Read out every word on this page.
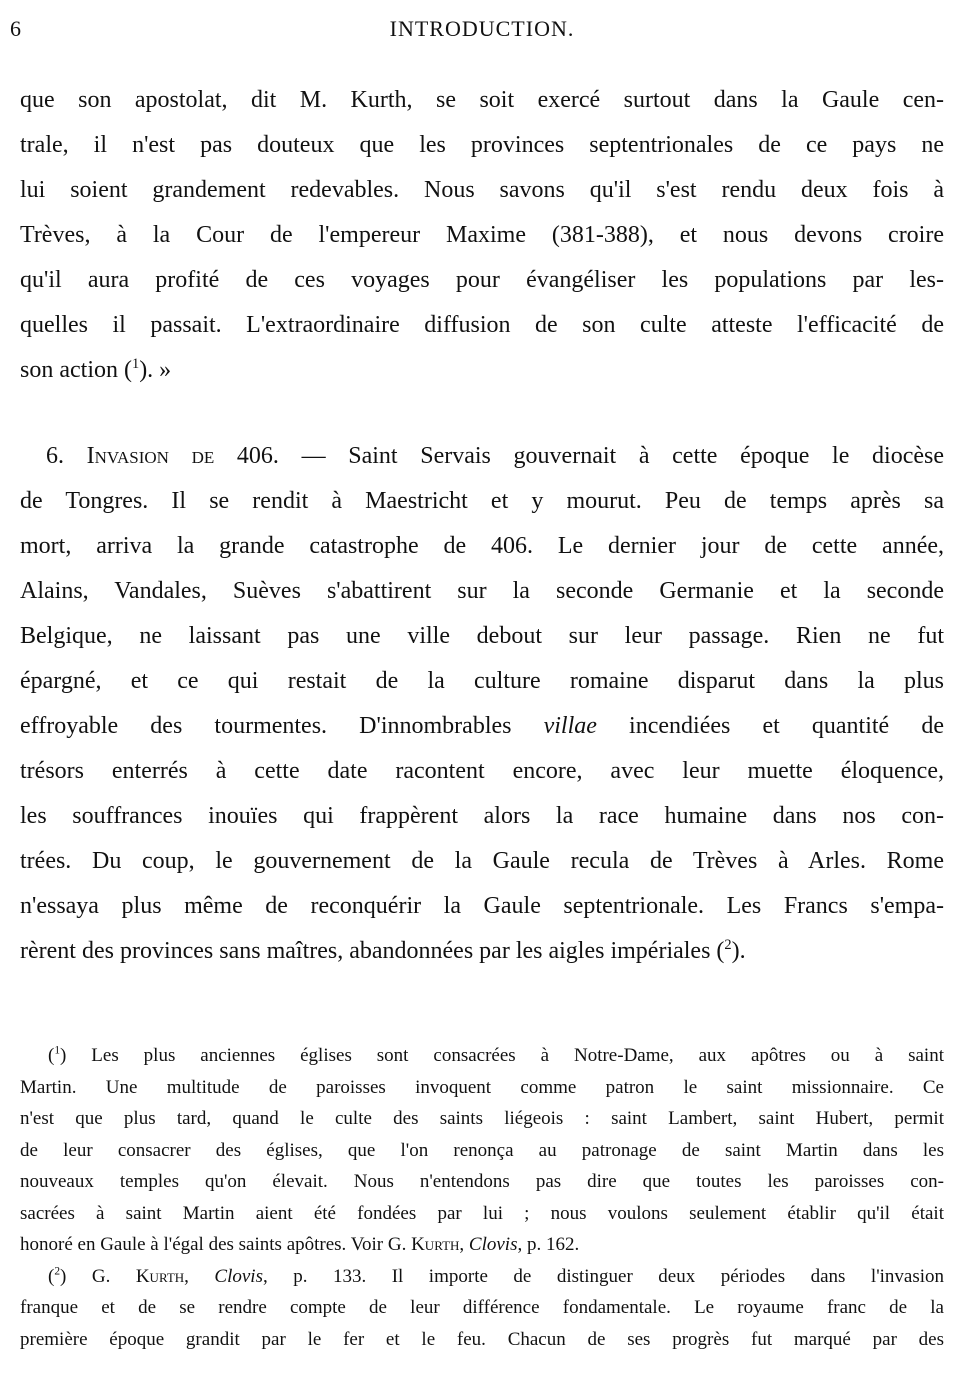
6	INTRODUCTION.
que son apostolat, dit M. Kurth, se soit exercé surtout dans la Gaule cen-
trale, il n'est pas douteux que les provinces septentrionales de ce pays ne
lui soient grandement redevables. Nous savons qu'il s'est rendu deux fois à
Trèves, à la Cour de l'empereur Maxime (381-388), et nous devons croire
qu'il aura profité de ces voyages pour évangéliser les populations par les-
quelles il passait. L'extraordinaire diffusion de son culte atteste l'efficacité de
son action ($^1$). »
6. Invasion de 406. — Saint Servais gouvernait à cette époque le diocèse
de Tongres. Il se rendit à Maestricht et y mourut. Peu de temps après sa
mort, arriva la grande catastrophe de 406. Le dernier jour de cette année,
Alains, Vandales, Suèves s'abattirent sur la seconde Germanie et la seconde
Belgique, ne laissant pas une ville debout sur leur passage. Rien ne fut
épargné, et ce qui restait de la culture romaine disparut dans la plus
effroyable des tourmentes. D'innombrables villae incendiées et quantité de
trésors enterrés à cette date racontent encore, avec leur muette éloquence,
les souffrances inouïes qui frappèrent alors la race humaine dans nos con-
trées. Du coup, le gouvernement de la Gaule recula de Trèves à Arles. Rome
n'essaya plus même de reconquérir la Gaule septentrionale. Les Francs s'empa-
rèrent des provinces sans maîtres, abandonnées par les aigles impériales ($^2$).
($^1$) Les plus anciennes églises sont consacrées à Notre-Dame, aux apôtres ou à saint
Martin. Une multitude de paroisses invoquent comme patron le saint missionnaire. Ce
n'est que plus tard, quand le culte des saints liégeois : saint Lambert, saint Hubert, permit
de leur consacrer des églises, que l'on renonça au patronage de saint Martin dans les
nouveaux temples qu'on élevait. Nous n'entendons pas dire que toutes les paroisses con-
sacrées à saint Martin aient été fondées par lui ; nous voulons seulement établir qu'il était
honoré en Gaule à l'égal des saints apôtres. Voir G. Kurth, Clovis, p. 162.
($^2$) G. Kurth, Clovis, p. 133. Il importe de distinguer deux périodes dans l'invasion
franque et de se rendre compte de leur différence fondamentale. Le royaume franc de la
première époque grandit par le fer et le feu. Chacun de ses progrès fut marqué par des
